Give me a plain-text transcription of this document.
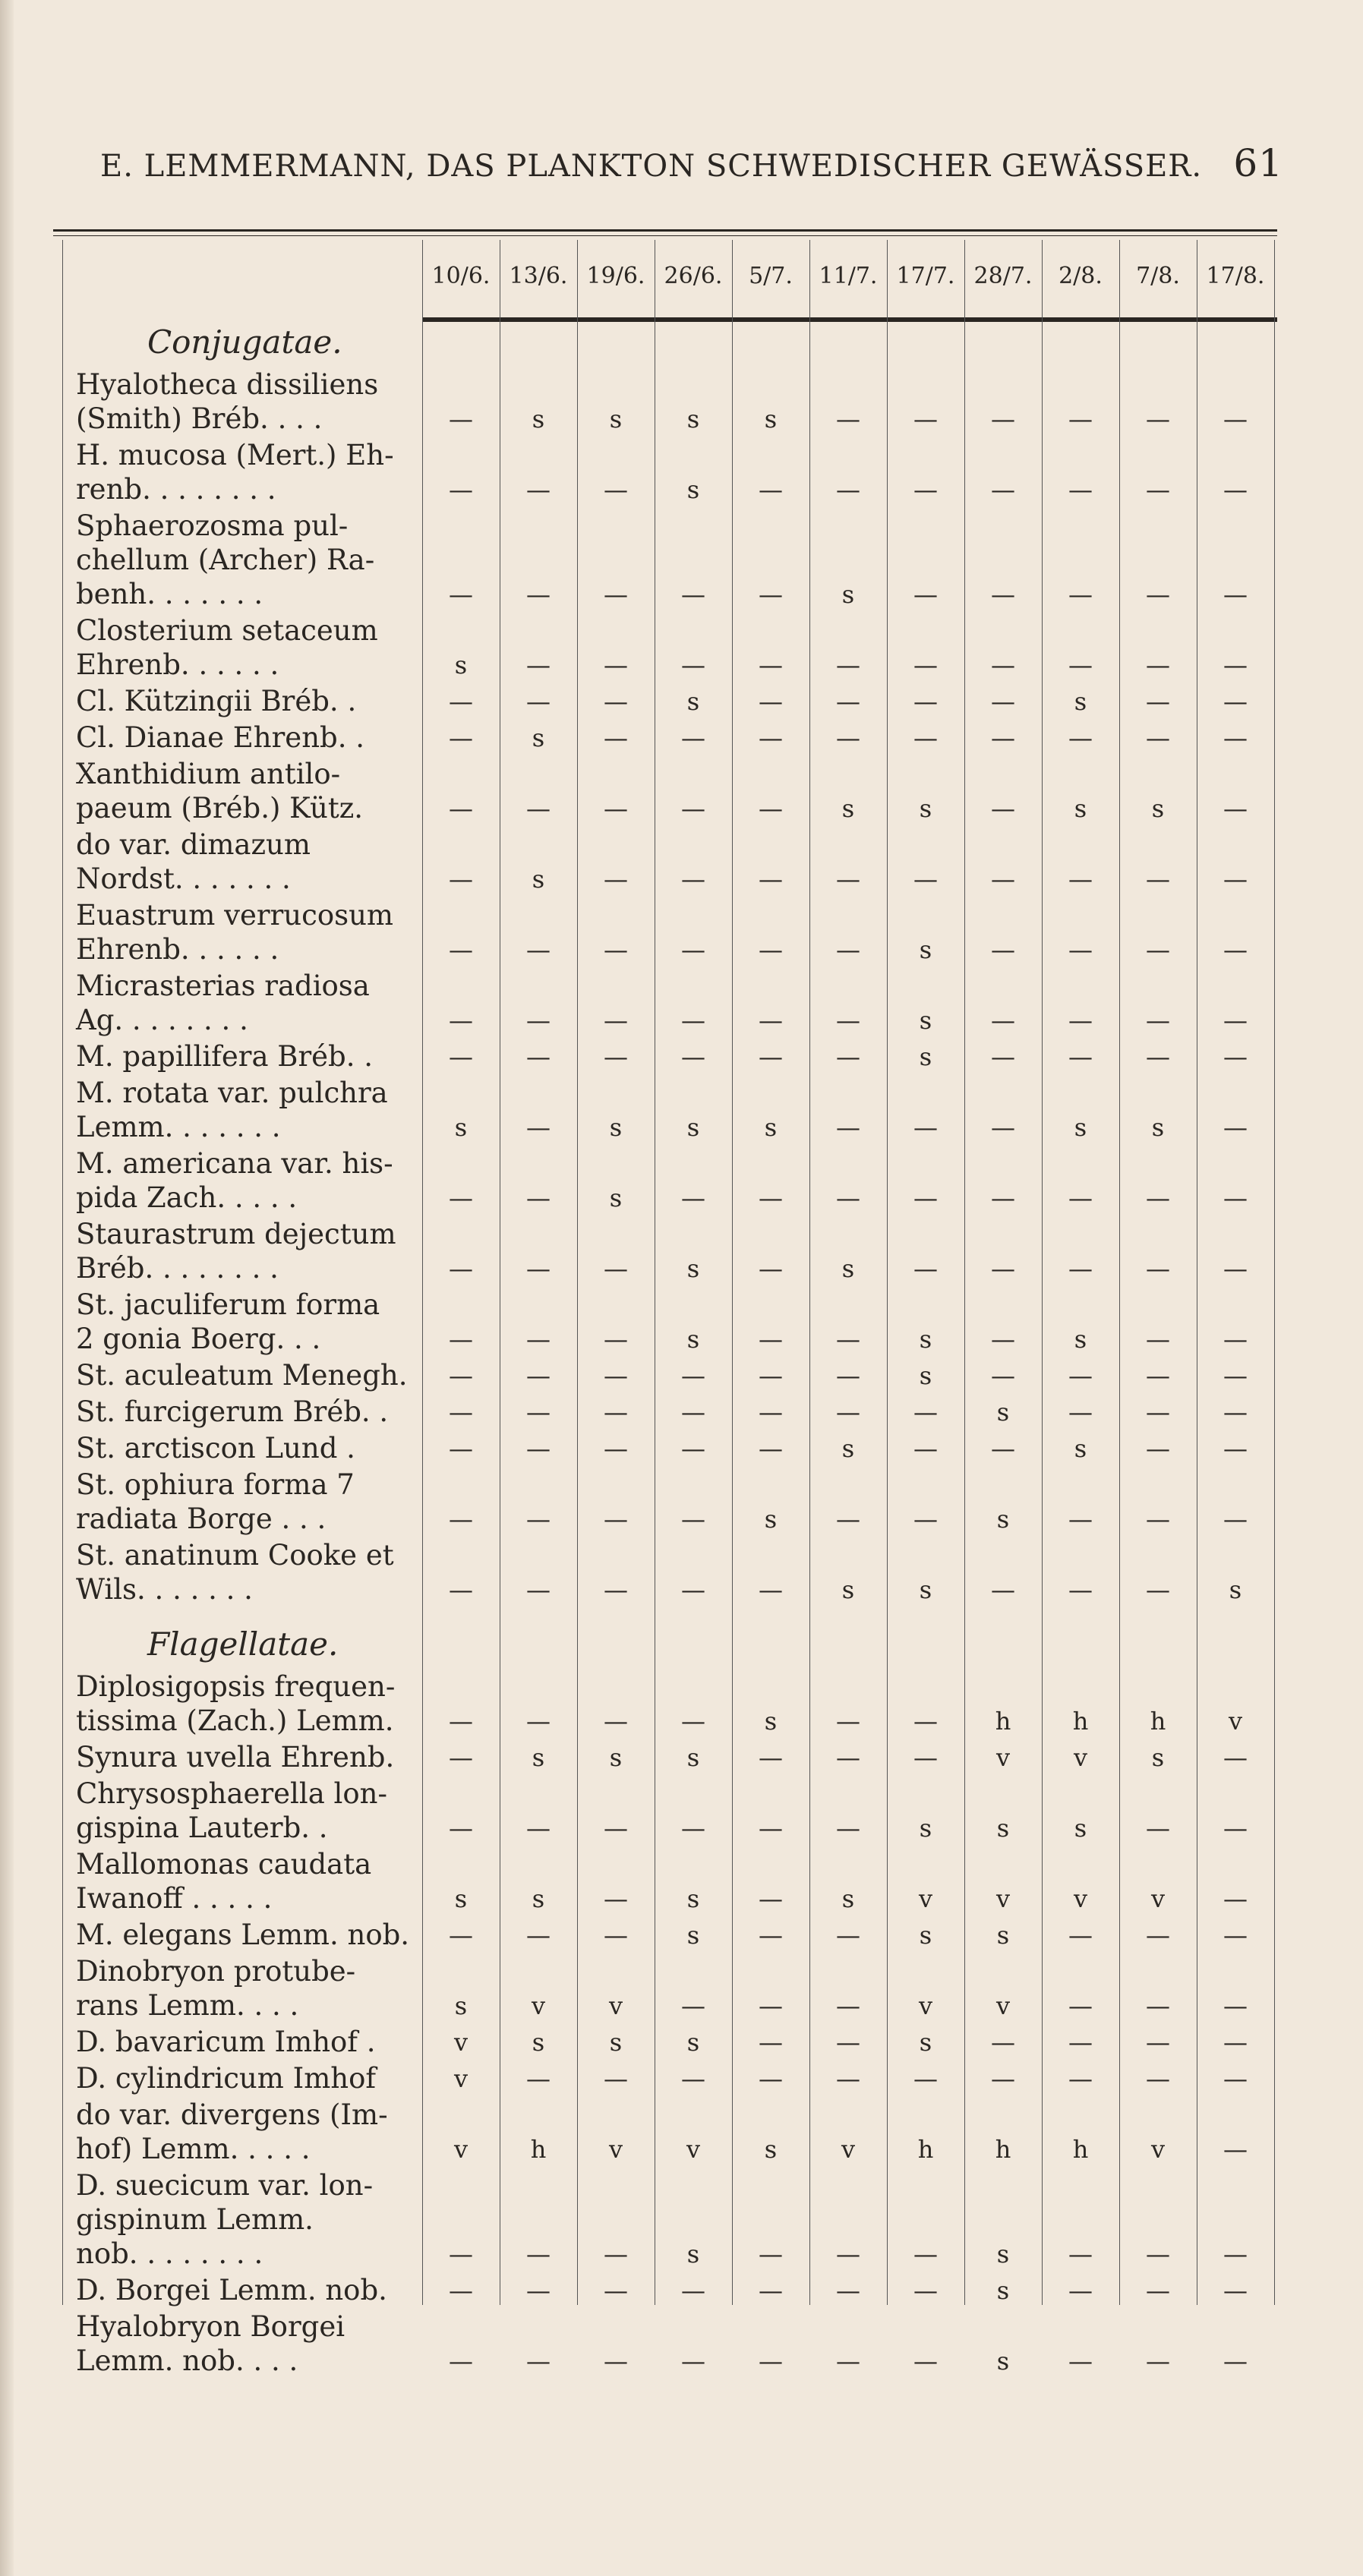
E. LEMMERMANN, DAS PLANKTON SCHWEDISCHER GEWÄSSER. 61
10/6. 13/6. 19/6. 26/6.	5/7.	11/7. 17/7. 28/7.	2/8.	7/8.	17/8.
Conjugatae.
Hyalotheca dissiliens
(Smith) Bréb. . . .	—	s	s	s	s	—	—	—	—	—	—
H. mucosa (Mert.) Eh-
renb. . . . . . . .	—	—	—	s	—	—	—	—	—	—	—
Sphaerozosma pul-
chellum (Archer) Ra-
benh. . . . . . .	—	—	—	—	—	s	—	—	—	—	—
Closterium setaceum
Ehrenb. . . . . .	s	—	—	—	—	—	—	—	—	—	—
Cl. Kützingii Bréb. .	—	—	—	s	—	—	—	—	s	—	—
Cl. Dianae Ehrenb. .	—	s	—	—	—	—	—	—	—	—	—
Xanthidium antilo-
paeum (Bréb.) Kütz.	—	—	—	—	—	s	s	—	s	s	—
do var. dimazum
Nordst. . . . . . .	—	s	—	—	—	—	—	—	—	—	—
Euastrum verrucosum
Ehrenb. . . . . .	—	—	—	—	—	—	s	—	—	—	—
Micrasterias radiosa
Ag. . . . . . . .	—	—	—	—	—	—	s	—	—	—	—
M. papillifera Bréb. .	—	—	—	—	—	—	s	—	—	—	—
M. rotata var. pulchra
Lemm. . . . . . .	s	—	s	s	s	—	—	—	s	s	—
M. americana var. his-
pida Zach. . . . .	—	—	s	—	—	—	—	—	—	—	—
Staurastrum dejectum
Bréb. . . . . . . .	—	—	—	s	—	s	—	—	—	—	—
St. jaculiferum forma
2 gonia Boerg. . .	—	—	—	s	—	—	s	—	s	—	—
St. aculeatum Menegh.	—	—	—	—	—	—	s	—	—	—	—
St. furcigerum Bréb. .	—	—	—	—	—	—	—	s	—	—	—
St. arctiscon Lund .	—	—	—	—	—	s	—	—	s	—	—
St. ophiura forma 7
radiata Borge . . .	—	—	—	—	s	—	—	s	—	—	—
St. anatinum Cooke et
Wils. . . . . . .	—	—	—	—	—	s	s	—	—	—	s
Flagellatae.
Diplosigopsis frequen-
tissima (Zach.) Lemm.	—	—	—	—	s	—	—	h	h	h	v
Synura uvella Ehrenb.	—	s	s	s	—	—	—	v	v	s	—
Chrysosphaerella lon-
gispina Lauterb. .	—	—	—	—	—	—	s	s	s	—	—
Mallomonas caudata
Iwanoff . . . . .	s	s	—	s	—	s	v	v	v	v	—
M. elegans Lemm. nob.	—	—	—	s	—	—	s	s	—	—	—
Dinobryon protube-
rans Lemm. . . .	s	v	v	—	—	—	v	v	—	—	—
D. bavaricum Imhof .	v	s	s	s	—	—	s	—	—	—	—
D. cylindricum Imhof	v	—	—	—	—	—	—	—	—	—	—
do var. divergens (Im-
hof) Lemm. . . . .	v	h	v	v	s	v	h	h	h	v	—
D. suecicum var. lon-
gispinum Lemm.
nob. . . . . . . .	—	—	—	s	—	—	—	s	—	—	—
D. Borgei Lemm. nob.	—	—	—	—	—	—	—	s	—	—	—
Hyalobryon Borgei
Lemm. nob. . . .	—	—	—	—	—	—	—	s	—	—	—
